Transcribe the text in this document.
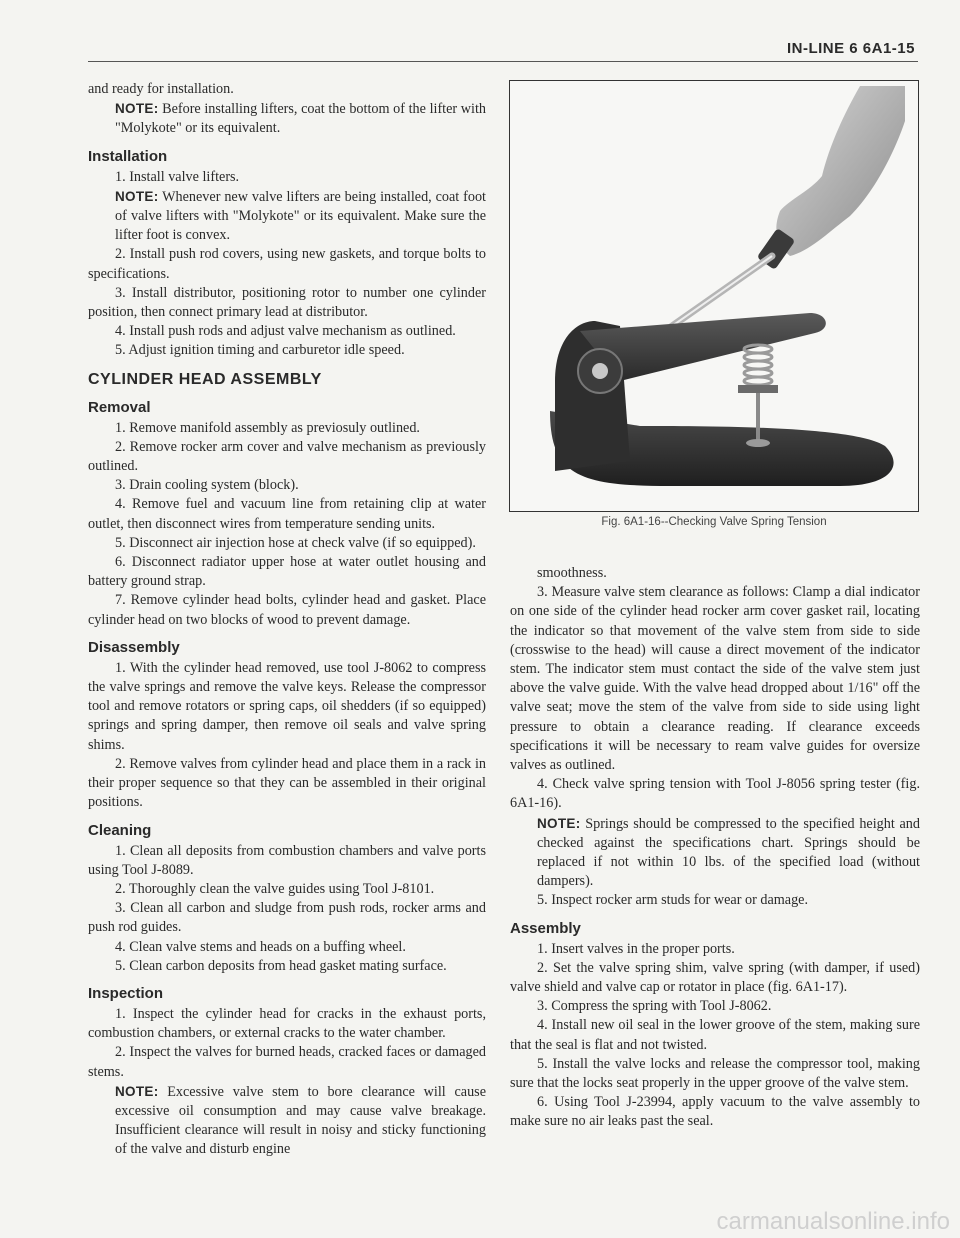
IN-LINE 6 6A1-15

and ready for installation.

NOTE: Before installing lifters, coat the bottom of the lifter with "Molykote" or its equivalent.

Installation

1. Install valve lifters.

NOTE: Whenever new valve lifters are being installed, coat foot of valve lifters with "Molykote" or its equivalent. Make sure the lifter foot is convex.

2. Install push rod covers, using new gaskets, and torque bolts to specifications.

3. Install distributor, positioning rotor to number one cylinder position, then connect primary lead at distributor.

4. Install push rods and adjust valve mechanism as outlined.

5. Adjust ignition timing and carburetor idle speed.

CYLINDER HEAD ASSEMBLY
Removal

1. Remove manifold assembly as previosuly outlined.

2. Remove rocker arm cover and valve mechanism as previously outlined.

3. Drain cooling system (block).

4. Remove fuel and vacuum line from retaining clip at water outlet, then disconnect wires from temperature sending units.

5. Disconnect air injection hose at check valve (if so equipped).

6. Disconnect radiator upper hose at water outlet housing and battery ground strap.

7. Remove cylinder head bolts, cylinder head and gasket. Place cylinder head on two blocks of wood to prevent damage.

Disassembly

1. With the cylinder head removed, use tool J-8062 to compress the valve springs and remove the valve keys. Release the compressor tool and remove rotators or spring caps, oil shedders (if so equipped) springs and spring damper, then remove oil seals and valve spring shims.

2. Remove valves from cylinder head and place them in a rack in their proper sequence so that they can be assembled in their original positions.

Cleaning

1. Clean all deposits from combustion chambers and valve ports using Tool J-8089.

2. Thoroughly clean the valve guides using Tool J-8101.

3. Clean all carbon and sludge from push rods, rocker arms and push rod guides.

4. Clean valve stems and heads on a buffing wheel.

5. Clean carbon deposits from head gasket mating surface.

Inspection

1. Inspect the cylinder head for cracks in the exhaust ports, combustion chambers, or external cracks to the water chamber.

2. Inspect the valves for burned heads, cracked faces or damaged stems.

NOTE: Excessive valve stem to bore clearance will cause excessive oil consumption and may cause valve breakage. Insufficient clearance will result in noisy and sticky functioning of the valve and disturb engine

Fig. 6A1-16--Checking Valve Spring Tension

smoothness.

3. Measure valve stem clearance as follows: Clamp a dial indicator on one side of the cylinder head rocker arm cover gasket rail, locating the indicator so that movement of the valve stem from side to side (crosswise to the head) will cause a direct movement of the indicator stem. The indicator stem must contact the side of the valve stem just above the valve guide. With the valve head dropped about 1/16" off the valve seat; move the stem of the valve from side to side using light pressure to obtain a clearance reading. If clearance exceeds specifications it will be necessary to ream valve guides for oversize valves as outlined.

4. Check valve spring tension with Tool J-8056 spring tester (fig. 6A1-16).

NOTE: Springs should be compressed to the specified height and checked against the specifications chart. Springs should be replaced if not within 10 lbs. of the specified load (without dampers).

5. Inspect rocker arm studs for wear or damage.

Assembly

1. Insert valves in the proper ports.

2. Set the valve spring shim, valve spring (with damper, if used) valve shield and valve cap or rotator in place (fig. 6A1-17).

3. Compress the spring with Tool J-8062.

4. Install new oil seal in the lower groove of the stem, making sure that the seal is flat and not twisted.

5. Install the valve locks and release the compressor tool, making sure that the locks seat properly in the upper groove of the valve stem.

6. Using Tool J-23994, apply vacuum to the valve assembly to make sure no air leaks past the seal.

carmanualsonline.info
